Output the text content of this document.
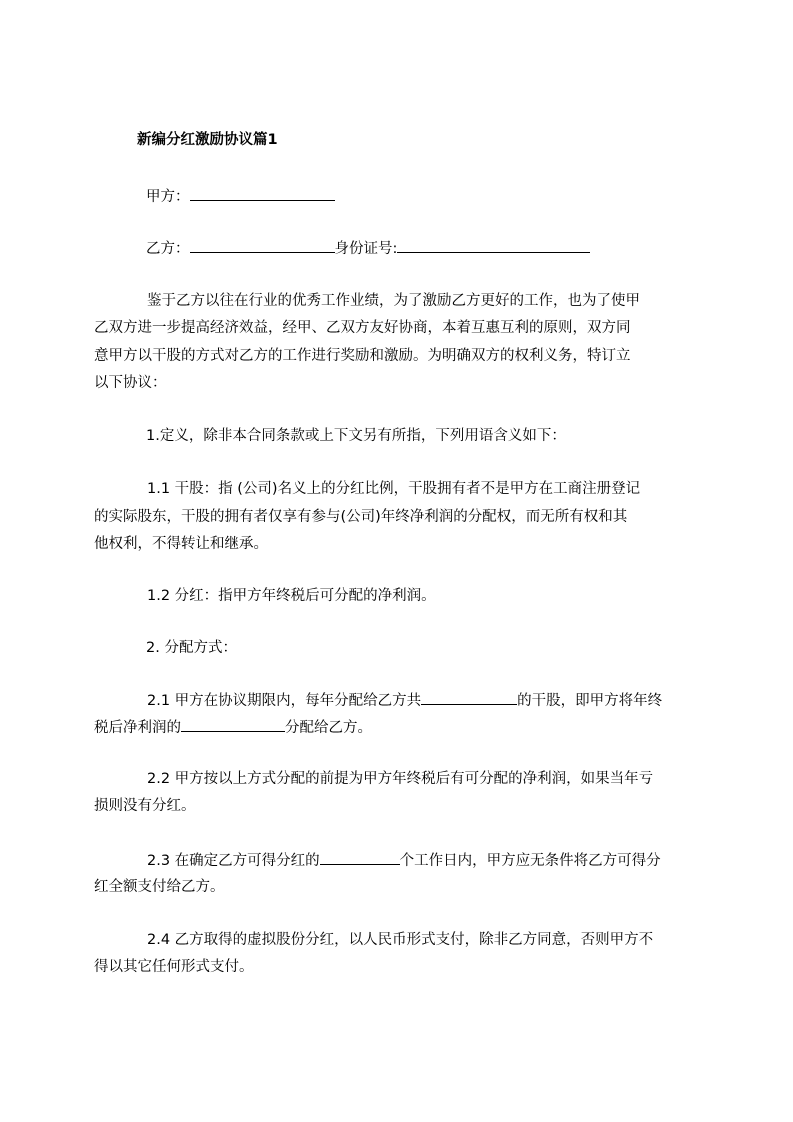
新编分红激励协议篇1
甲方：
乙方：	身份证号:
鉴于乙方以往在行业的优秀工作业绩，为了激励乙方更好的工作，也为了使甲
乙双方进一步提高经济效益，经甲、乙双方友好协商，本着互惠互利的原则，双方同
意甲方以干股的方式对乙方的工作进行奖励和激励。为明确双方的权利义务，特订立
以下协议：
1.定义，除非本合同条款或上下文另有所指，下列用语含义如下：
1.1 干股：指 (公司)名义上的分红比例，干股拥有者不是甲方在工商注册登记
的实际股东，干股的拥有者仅享有参与(公司)年终净利润的分配权，而无所有权和其
他权利，不得转让和继承。
1.2 分红：指甲方年终税后可分配的净利润。
2. 分配方式：
2.1 甲方在协议期限内，每年分配给乙方共	的干股，即甲方将年终
税后净利润的	分配给乙方。
2.2 甲方按以上方式分配的前提为甲方年终税后有可分配的净利润，如果当年亏
损则没有分红。
2.3 在确定乙方可得分红的	个工作日内，甲方应无条件将乙方可得分
红全额支付给乙方。
2.4 乙方取得的虚拟股份分红，以人民币形式支付，除非乙方同意，否则甲方不
得以其它任何形式支付。
